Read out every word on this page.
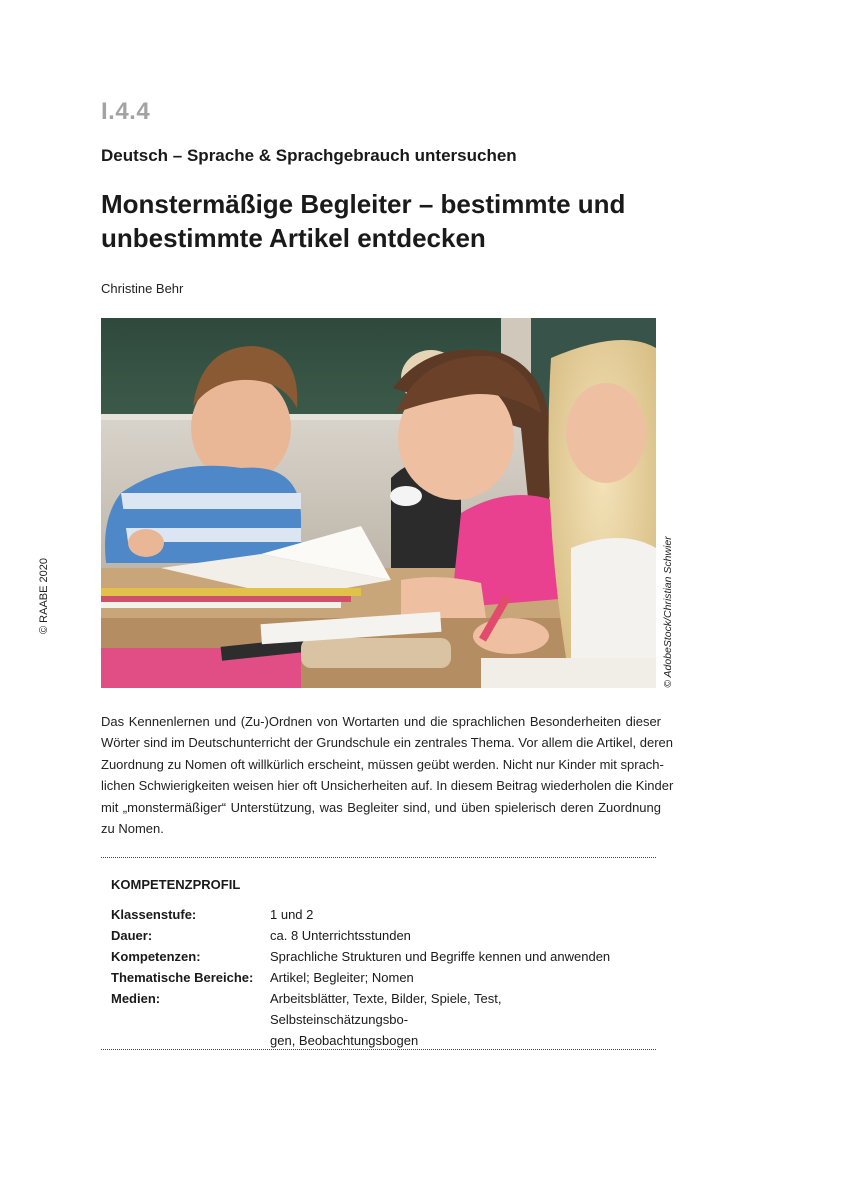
I.4.4
Deutsch – Sprache & Sprachgebrauch untersuchen
Monstermäßige Begleiter – bestimmte und
unbestimmte Artikel entdecken
Christine Behr
© RAABE 2020	© AdobeStock/Christian Schwier
Das Kennenlernen und (Zu-)Ordnen von Wortarten und die sprachlichen Besonderheiten dieser
Wörter sind im Deutschunterricht der Grundschule ein zentrales Thema. Vor allem die Artikel, deren
Zuordnung zu Nomen oft willkürlich erscheint, müssen geübt werden. Nicht nur Kinder mit sprach-
lichen Schwierigkeiten weisen hier oft Unsicherheiten auf. In diesem Beitrag wiederholen die Kinder
mit „monstermäßiger“ Unterstützung, was Begleiter sind, und üben spielerisch deren Zuordnung
zu Nomen.
KOMPETENZPROFIL
Klassenstufe:	1 und 2
Dauer:	ca. 8 Unterrichtsstunden
Kompetenzen:	Sprachliche Strukturen und Begriffe kennen und anwenden
Thematische Bereiche:	Artikel; Begleiter; Nomen
Medien:	Arbeitsblätter, Texte, Bilder, Spiele, Test, Selbsteinschätzungsbo-
gen, Beobachtungsbogen
